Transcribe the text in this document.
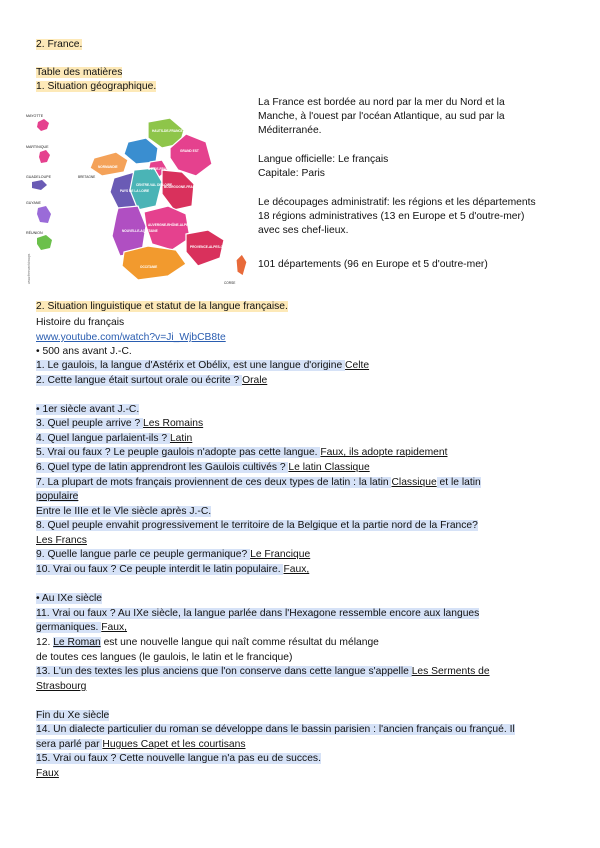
2. France.
Table des matières
1. Situation géographique.
MAYOTTE
MARTINIQUE
GUADELOUPE
GUYANE
RÉUNION
NORMANDIE
HAUTS-DE-FRANCE
GRAND EST
ÎLE-DE-FRANCE
PAYS DE LA LOIRE
CENTRE-VAL DE LOIRE
BOURGOGNE-FRANCHE-COMTÉ
NOUVELLE-AQUITAINE
AUVERGNE-RHÔNE-ALPES
OCCITANIE
PROVENCE-ALPES-CÔTE D'AZUR
BRETAGNE
CORSE
www.freeworldmaps
La France est bordée au nord par la mer du Nord et la
Manche, à l'ouest par l'océan Atlantique, au sud par la
Méditerranée.
Langue officielle: Le français
Capitale: Paris
Le découpages administratif: les régions et les départements
18 régions administratives (13 en Europe et 5 d'outre-mer)
avec ses chef-lieux.
101 départements (96 en Europe et 5 d'outre-mer)
2. Situation linguistique et statut de la langue française.
Histoire du français
www.youtube.com/watch?v=Ji_WjbCB8te
• 500 ans avant J.-C.
1. Le gaulois, la langue d'Astérix et Obélix, est une langue d'origine Celte
2. Cette langue était surtout orale ou écrite ? Orale
• 1er siècle avant J.-C.
3. Quel peuple arrive ? Les Romains
4. Quel langue parlaient-ils ? Latin
5. Vrai ou faux ? Le peuple gaulois n'adopte pas cette langue. Faux, ils adopte rapidement
6. Quel type de latin apprendront les Gaulois cultivés ? Le latin Classique
7. La plupart de mots français proviennent de ces deux types de latin : la latin Classique et le latin
populaire
Entre le IIIe et le Vle siècle après J.-C.
8. Quel peuple envahit progressivement le territoire de la Belgique et la partie nord de la France?
Les Francs
9. Quelle langue parle ce peuple germanique? Le Francique
10. Vrai ou faux ? Ce peuple interdit le latin populaire. Faux,
• Au IXe siècle
11. Vrai ou faux ? Au IXe siècle, la langue parlée dans l'Hexagone ressemble encore aux langues
germaniques. Faux,
12. Le Roman est une nouvelle langue qui naît comme résultat du mélange
de toutes ces langues (le gaulois, le latin et le francique)
13. L'un des textes les plus anciens que l'on conserve dans cette langue s'appelle Les Serments de
Strasbourg
Fin du Xe siècle
14. Un dialecte particulier du roman se développe dans le bassin parisien : l'ancien français ou françué. Il
sera parlé par Hugues Capet et les courtisans
15. Vrai ou faux ? Cette nouvelle langue n'a pas eu de succes.
Faux
